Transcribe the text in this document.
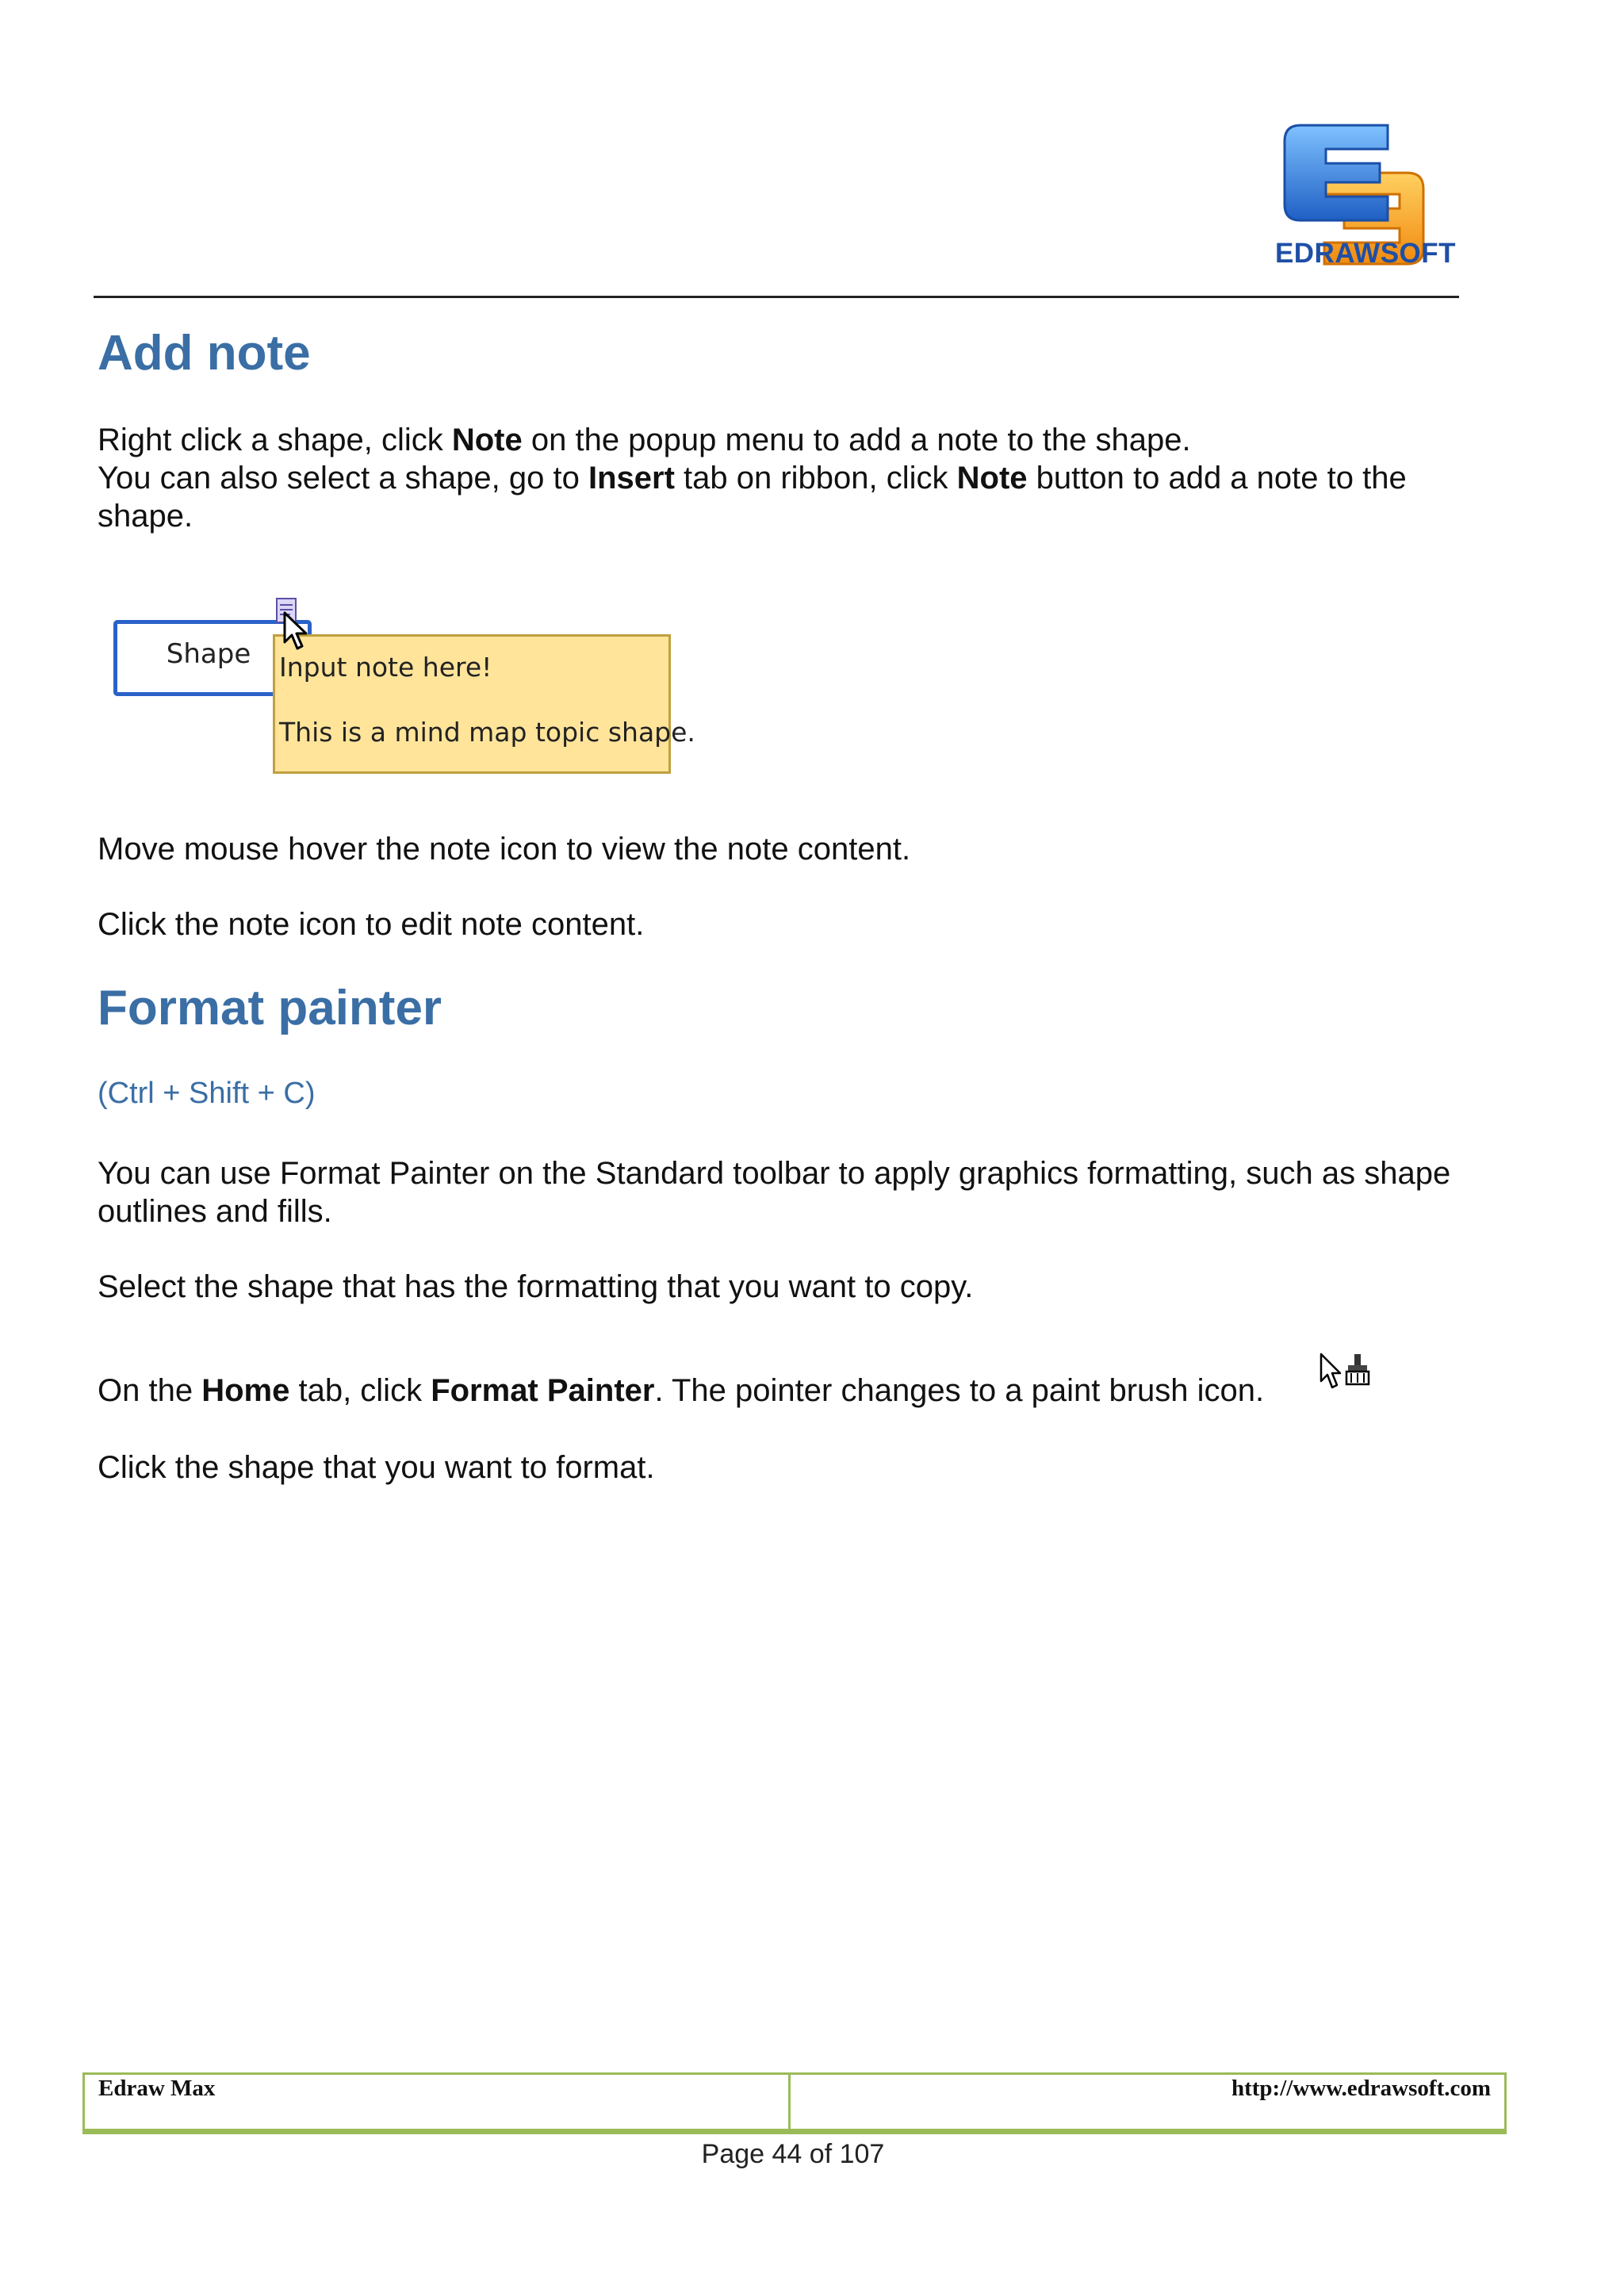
EDRAWSOFT
Add note

Right click a shape, click Note on the popup menu to add a note to the shape.

You can also select a shape, go to Insert tab on ribbon, click Note button to add a note to the shape.

Shape	Input note here!
This is a mind map topic shape.

Move mouse hover the note icon to view the note content.

Click the note icon to edit note content.

Format painter

(Ctrl + Shift + C)

You can use Format Painter on the Standard toolbar to apply graphics formatting, such as shape outlines and fills.

Select the shape that has the formatting that you want to copy.

On the Home tab, click Format Painter. The pointer changes to a paint brush icon.

Click the shape that you want to format.

Edraw Max	http://www.edrawsoft.com
Page 44 of 107
